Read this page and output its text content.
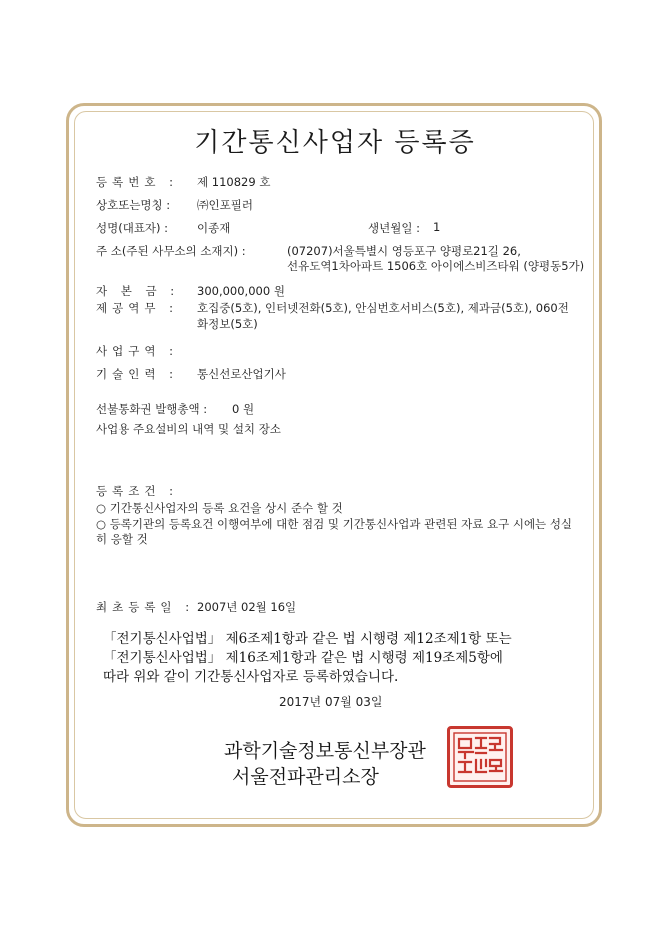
기간통신사업자 등록증
등록번호 : 제 110829 호
상호또는명칭 : ㈜인포필러
성명(대표자) :	이종재	생년월일 : 1
주 소(주된 사무소의 소재지) :	(07207)서울특별시 영등포구 양평로21길 26,
선유도역1차아파트 1506호 아이에스비즈타워 (양평동5가)
자 본 금 : 300,000,000 원
제공역무 : 호집중(5호), 인터넷전화(5호), 안심번호서비스(5호), 제과금(5호), 060전
화정보(5호)
사업구역 :
기술인력 : 통신선로산업기사
선불통화권 발행총액 : 0 원
사업용 주요설비의 내역 및 설치 장소
등록조건 :
○ 기간통신사업자의 등록 요건을 상시 준수 할 것
○ 등록기관의 등록요건 이행여부에 대한 점검 및 기간통신사업과 관련된 자료 요구 시에는 성실
히 응할 것
최초등록일 : 2007년 02월 16일
「전기통신사업법」 제6조제1항과 같은 법 시행령 제12조제1항 또는
「전기통신사업법」 제16조제1항과 같은 법 시행령 제19조제5항에
따라 위와 같이 기간통신사업자로 등록하였습니다.
2017년 07월 03일
과학기술정보통신부장관
서울전파관리소장
